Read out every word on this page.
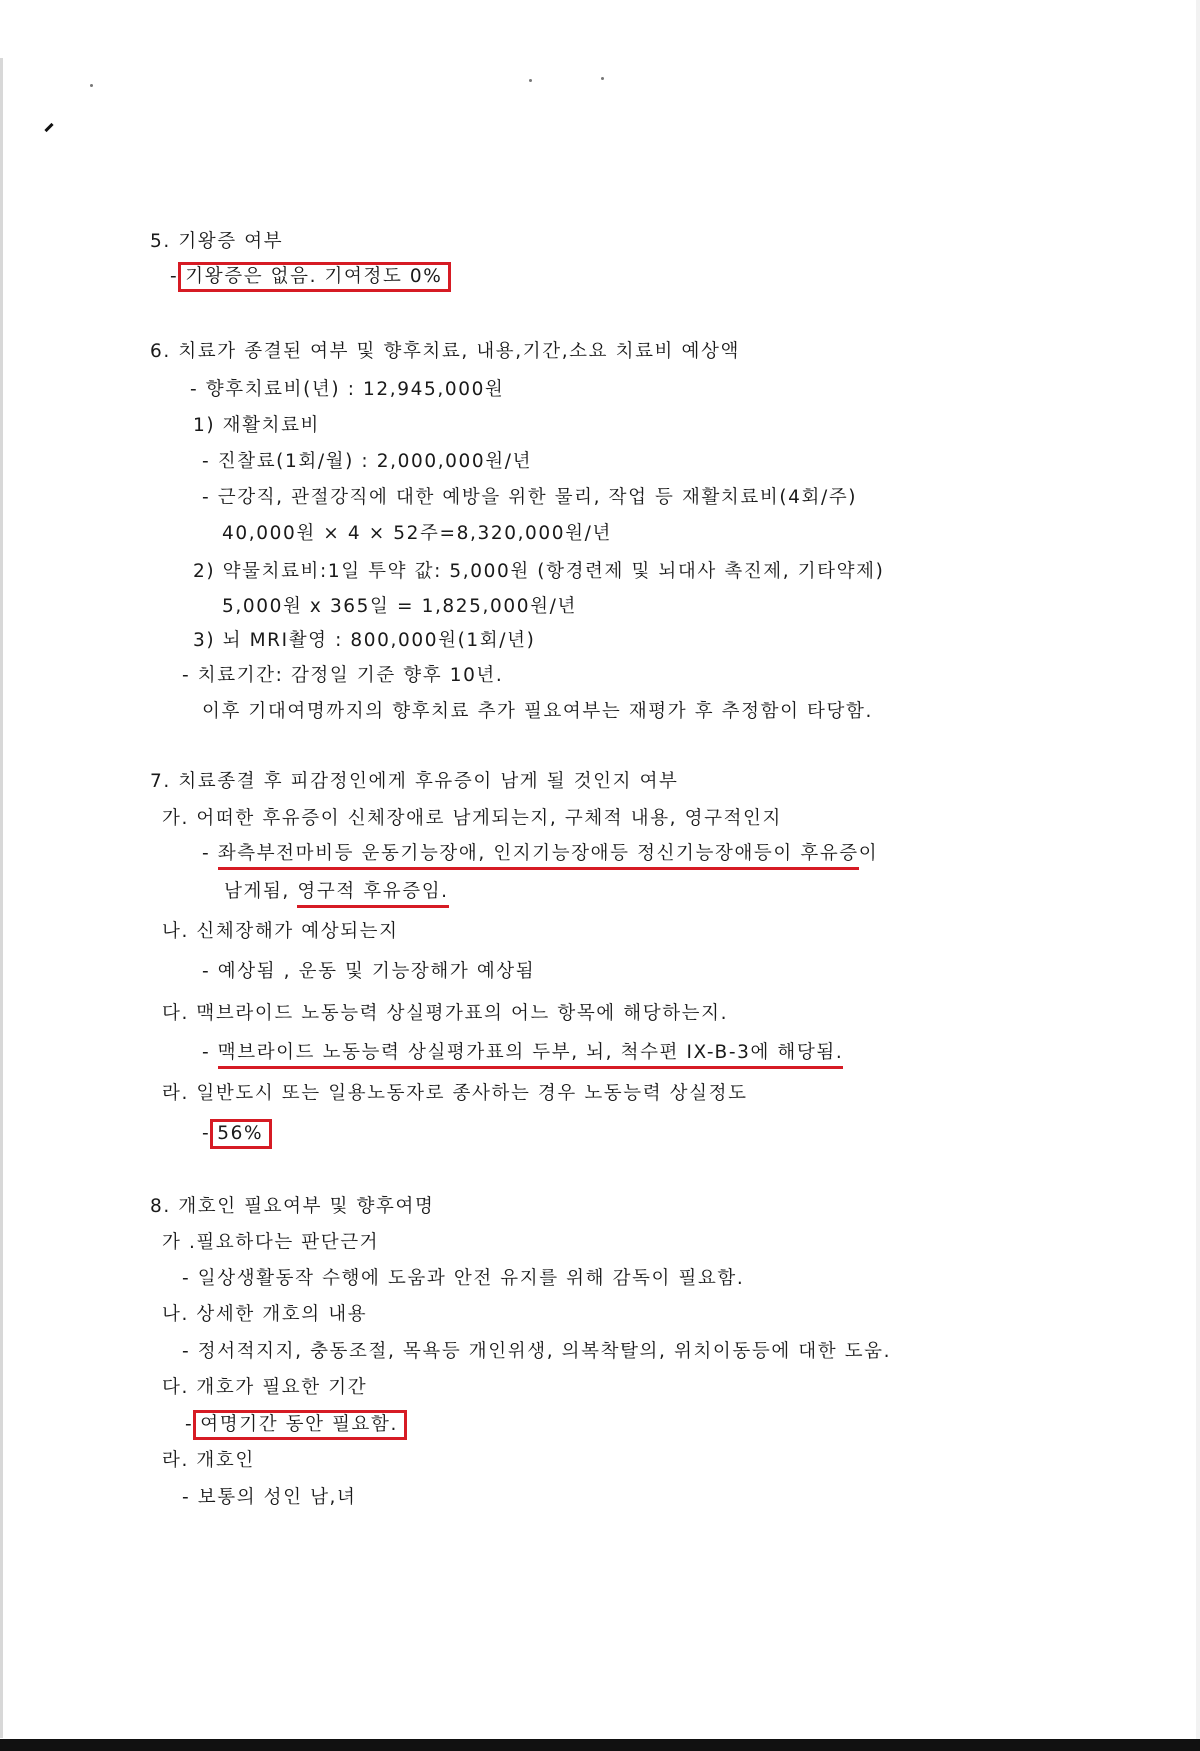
5. 기왕증 여부
- 기왕증은 없음. 기여정도 0%
6. 치료가 종결된 여부 및 향후치료, 내용,기간,소요 치료비 예상액
- 향후치료비(년) : 12,945,000원
1) 재활치료비
- 진찰료(1회/월) : 2,000,000원/년
- 근강직, 관절강직에 대한 예방을 위한 물리, 작업 등 재활치료비(4회/주)
40,000원 × 4 × 52주=8,320,000원/년
2) 약물치료비:1일 투약 값: 5,000원 (항경련제 및 뇌대사 촉진제, 기타약제)
5,000원 x 365일 = 1,825,000원/년
3) 뇌 MRI촬영 : 800,000원(1회/년)
- 치료기간: 감정일 기준 향후 10년.
이후 기대여명까지의 향후치료 추가 필요여부는 재평가 후 추정함이 타당함.
7. 치료종결 후 피감정인에게 후유증이 남게 될 것인지 여부
가. 어떠한 후유증이 신체장애로 남게되는지, 구체적 내용, 영구적인지
- 좌측부전마비등 운동기능장애, 인지기능장애등 정신기능장애등이 후유증이
남게됨, 영구적 후유증임.
나. 신체장해가 예상되는지
- 예상됨 , 운동 및 기능장해가 예상됨
다. 맥브라이드 노동능력 상실평가표의 어느 항목에 해당하는지.
- 맥브라이드 노동능력 상실평가표의 두부, 뇌, 척수편 IX-B-3에 해당됨.
라. 일반도시 또는 일용노동자로 종사하는 경우 노동능력 상실정도
- 56%
8. 개호인 필요여부 및 향후여명
가 .필요하다는 판단근거
- 일상생활동작 수행에 도움과 안전 유지를 위해 감독이 필요함.
나. 상세한 개호의 내용
- 정서적지지, 충동조절, 목욕등 개인위생, 의복착탈의, 위치이동등에 대한 도움.
다. 개호가 필요한 기간
- 여명기간 동안 필요함.
라. 개호인
- 보통의 성인 남,녀
